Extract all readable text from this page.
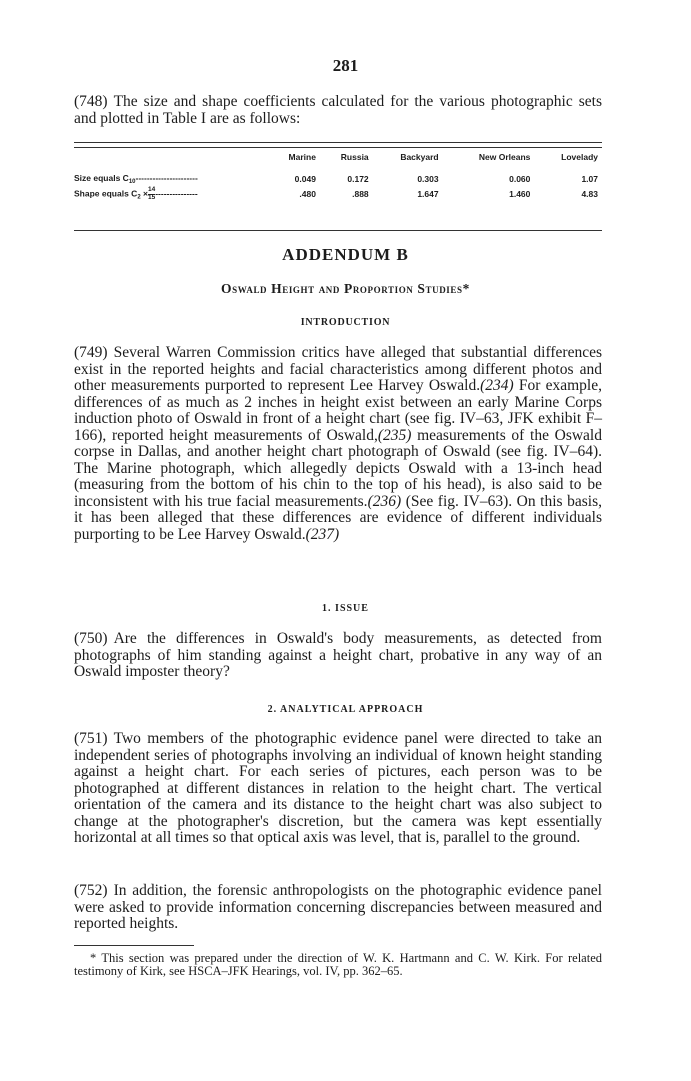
281

(748) The size and shape coefficients calculated for the various photographic sets and plotted in Table I are as follows:

	Marine	Russia	Backyard	New Orleans	Lovelady
Size equals $C_{10}----------------------$	0.049	0.172	0.303	0.060	1.07
Shape equals $C_2 \times \frac{14}{15}$ ---------------	.480	.888	1.647	1.460	4.83
ADDENDUM B
Oswald Height and Proportion Studies*
INTRODUCTION

(749) Several Warren Commission critics have alleged that substantial differences exist in the reported heights and facial characteristics among different photos and other measurements purported to represent Lee Harvey Oswald.(234) For example, differences of as much as 2 inches in height exist between an early Marine Corps induction photo of Oswald in front of a height chart (see fig. IV–63, JFK exhibit F–166), reported height measurements of Oswald,(235) measurements of the Oswald corpse in Dallas, and another height chart photograph of Oswald (see fig. IV–64). The Marine photograph, which allegedly depicts Oswald with a 13-inch head (measuring from the bottom of his chin to the top of his head), is also said to be inconsistent with his true facial measurements.(236) (See fig. IV–63). On this basis, it has been alleged that these differences are evidence of different individuals purporting to be Lee Harvey Oswald.(237)

1. ISSUE

(750) Are the differences in Oswald's body measurements, as detected from photographs of him standing against a height chart, probative in any way of an Oswald imposter theory?

2. ANALYTICAL APPROACH

(751) Two members of the photographic evidence panel were directed to take an independent series of photographs involving an individual of known height standing against a height chart. For each series of pictures, each person was to be photographed at different distances in relation to the height chart. The vertical orientation of the camera and its distance to the height chart was also subject to change at the photographer's discretion, but the camera was kept essentially horizontal at all times so that optical axis was level, that is, parallel to the ground.

(752) In addition, the forensic anthropologists on the photographic evidence panel were asked to provide information concerning discrepancies between measured and reported heights.

* This section was prepared under the direction of W. K. Hartmann and C. W. Kirk. For related testimony of Kirk, see HSCA–JFK Hearings, vol. IV, pp. 362–65.
